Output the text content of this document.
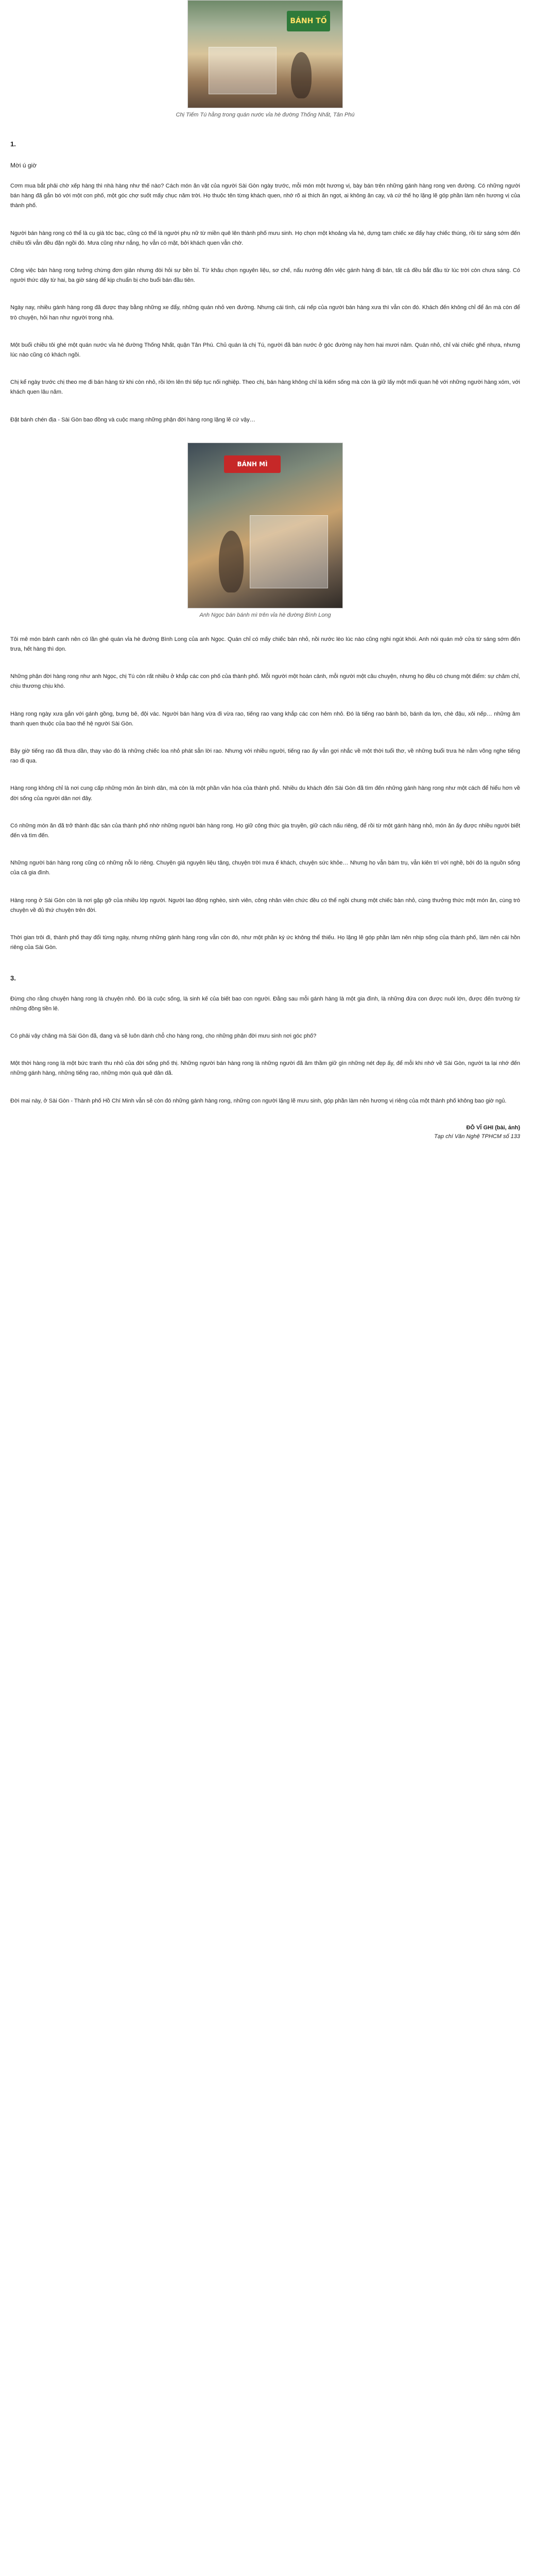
BÁNH TỐ

Chị Tiếm Tú hằng trong quán nước vỉa hè đường Thống Nhất, Tân Phú

1.
Mời ú giờ

Cơm mua bắt phải chờ xếp hàng thì nhà hàng như thế nào? Cách món ăn vặt của người Sài Gòn ngày trước, mỗi món một hương vị, bày bán trên những gánh hàng rong ven đường. Có những người bán hàng đã gắn bó với một con phố, một góc chợ suốt mấy chục năm trời. Họ thuộc tên từng khách quen, nhớ rõ ai thích ăn ngọt, ai không ăn cay, và cứ thế họ lặng lẽ góp phần làm nên hương vị của thành phố.

Người bán hàng rong có thể là cụ già tóc bạc, cũng có thể là người phụ nữ từ miền quê lên thành phố mưu sinh. Họ chọn một khoảng vỉa hè, dựng tạm chiếc xe đẩy hay chiếc thúng, rồi từ sáng sớm đến chiều tối vẫn đều đặn ngồi đó. Mưa cũng như nắng, họ vẫn có mặt, bởi khách quen vẫn chờ.

Công việc bán hàng rong tưởng chừng đơn giản nhưng đòi hỏi sự bền bỉ. Từ khâu chọn nguyên liệu, sơ chế, nấu nướng đến việc gánh hàng đi bán, tất cả đều bắt đầu từ lúc trời còn chưa sáng. Có người thức dậy từ hai, ba giờ sáng để kịp chuẩn bị cho buổi bán đầu tiên.

Ngày nay, nhiều gánh hàng rong đã được thay bằng những xe đẩy, những quán nhỏ ven đường. Nhưng cái tình, cái nếp của người bán hàng xưa thì vẫn còn đó. Khách đến không chỉ để ăn mà còn để trò chuyện, hỏi han như người trong nhà.

Một buổi chiều tôi ghé một quán nước vỉa hè đường Thống Nhất, quận Tân Phú. Chủ quán là chị Tú, người đã bán nước ở góc đường này hơn hai mươi năm. Quán nhỏ, chỉ vài chiếc ghế nhựa, nhưng lúc nào cũng có khách ngồi.

Chị kể ngày trước chị theo mẹ đi bán hàng từ khi còn nhỏ, rồi lớn lên thì tiếp tục nối nghiệp. Theo chị, bán hàng không chỉ là kiếm sống mà còn là giữ lấy một mối quan hệ với những người hàng xóm, với khách quen lâu năm.

Đặt bánh chén địa - Sài Gòn bao đồng và cuộc mang những phận đời hàng rong lặng lẽ cứ vậy…

BÁNH MÌ

Anh Ngọc bán bánh mì trên vỉa hè đường Bình Long

Tôi mê món bánh canh nên có lần ghé quán vỉa hè đường Bình Long của anh Ngọc. Quán chỉ có mấy chiếc bàn nhỏ, nồi nước lèo lúc nào cũng nghi ngút khói. Anh nói quán mở cửa từ sáng sớm đến trưa, hết hàng thì dọn.

Những phận đời hàng rong như anh Ngọc, chị Tú còn rất nhiều ở khắp các con phố của thành phố. Mỗi người một hoàn cảnh, mỗi người một câu chuyện, nhưng họ đều có chung một điểm: sự chăm chỉ, chịu thương chịu khó.

Hàng rong ngày xưa gắn với gánh gồng, bưng bê, đội vác. Người bán hàng vừa đi vừa rao, tiếng rao vang khắp các con hẻm nhỏ. Đó là tiếng rao bánh bò, bánh da lợn, chè đậu, xôi nếp… những âm thanh quen thuộc của bao thế hệ người Sài Gòn.

Bây giờ tiếng rao đã thưa dần, thay vào đó là những chiếc loa nhỏ phát sẵn lời rao. Nhưng với nhiều người, tiếng rao ấy vẫn gợi nhắc về một thời tuổi thơ, về những buổi trưa hè nằm võng nghe tiếng rao đi qua.

Hàng rong không chỉ là nơi cung cấp những món ăn bình dân, mà còn là một phần văn hóa của thành phố. Nhiều du khách đến Sài Gòn đã tìm đến những gánh hàng rong như một cách để hiểu hơn về đời sống của người dân nơi đây.

Có những món ăn đã trở thành đặc sản của thành phố nhờ những người bán hàng rong. Họ giữ công thức gia truyền, giữ cách nấu riêng, để rồi từ một gánh hàng nhỏ, món ăn ấy được nhiều người biết đến và tìm đến.

Những người bán hàng rong cũng có những nỗi lo riêng. Chuyện giá nguyên liệu tăng, chuyện trời mưa ế khách, chuyện sức khỏe… Nhưng họ vẫn bám trụ, vẫn kiên trì với nghề, bởi đó là nguồn sống của cả gia đình.

Hàng rong ở Sài Gòn còn là nơi gặp gỡ của nhiều lớp người. Người lao động nghèo, sinh viên, công nhân viên chức đều có thể ngồi chung một chiếc bàn nhỏ, cùng thưởng thức một món ăn, cùng trò chuyện về đủ thứ chuyện trên đời.

Thời gian trôi đi, thành phố thay đổi từng ngày, nhưng những gánh hàng rong vẫn còn đó, như một phần ký ức không thể thiếu. Họ lặng lẽ góp phần làm nên nhịp sống của thành phố, làm nên cái hồn riêng của Sài Gòn.

3.

Đừng cho rằng chuyện hàng rong là chuyện nhỏ. Đó là cuộc sống, là sinh kế của biết bao con người. Đằng sau mỗi gánh hàng là một gia đình, là những đứa con được nuôi lớn, được đến trường từ những đồng tiền lẻ.

Có phải vậy chăng mà Sài Gòn đã, đang và sẽ luôn dành chỗ cho hàng rong, cho những phận đời mưu sinh nơi góc phố?

Một thời hàng rong là một bức tranh thu nhỏ của đời sống phố thị. Những người bán hàng rong là những người đã âm thầm giữ gìn những nét đẹp ấy, để mỗi khi nhớ về Sài Gòn, người ta lại nhớ đến những gánh hàng, những tiếng rao, những món quà quê dân dã.

Đời mai này, ở Sài Gòn - Thành phố Hồ Chí Minh vẫn sẽ còn đó những gánh hàng rong, những con người lặng lẽ mưu sinh, góp phần làm nên hương vị riêng của một thành phố không bao giờ ngủ.

ĐỖ VĨ GHI (bài, ảnh)
Tạp chí Văn Nghệ TPHCM số 133
